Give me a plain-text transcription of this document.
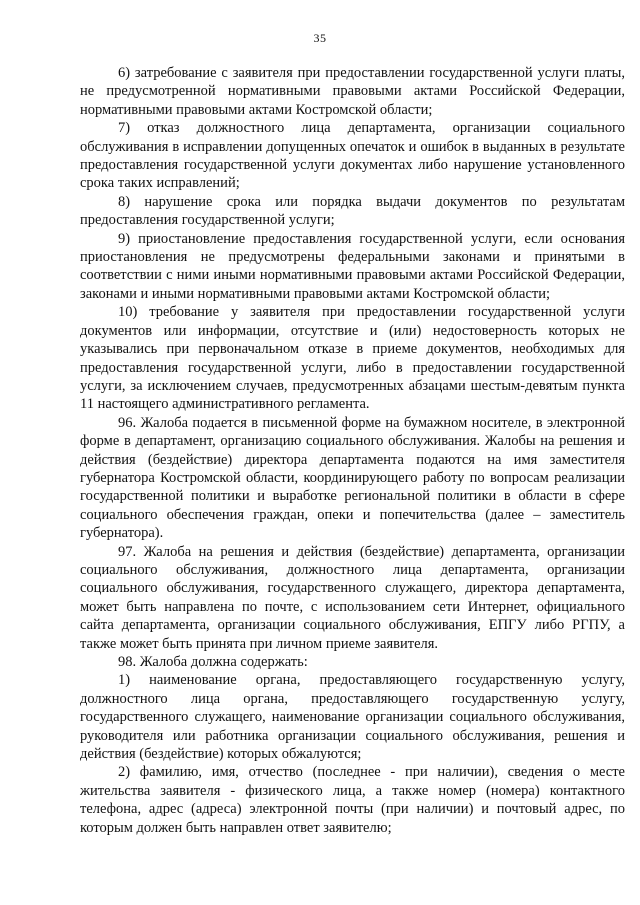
35

6) затребование с заявителя при предоставлении государственной услуги платы, не предусмотренной нормативными правовыми актами Российской Федерации, нормативными правовыми актами Костромской области;

7) отказ должностного лица департамента, организации социального обслуживания в исправлении допущенных опечаток и ошибок в выданных в результате предоставления государственной услуги документах либо нарушение установленного срока таких исправлений;

8) нарушение срока или порядка выдачи документов по результатам предоставления государственной услуги;

9) приостановление предоставления государственной услуги, если основания приостановления не предусмотрены федеральными законами и принятыми в соответствии с ними иными нормативными правовыми актами Российской Федерации, законами и иными нормативными правовыми актами Костромской области;

10) требование у заявителя при предоставлении государственной услуги документов или информации, отсутствие и (или) недостоверность которых не указывались при первоначальном отказе в приеме документов, необходимых для предоставления государственной услуги, либо в предоставлении государственной услуги, за исключением случаев, предусмотренных абзацами шестым-девятым пункта 11 настоящего административного регламента.

96. Жалоба подается в письменной форме на бумажном носителе, в электронной форме в департамент, организацию социального обслуживания. Жалобы на решения и действия (бездействие) директора департамента подаются на имя заместителя губернатора Костромской области, координирующего работу по вопросам реализации государственной политики и выработке региональной политики в области в сфере социального обеспечения граждан, опеки и попечительства (далее – заместитель губернатора).

97. Жалоба на решения и действия (бездействие) департамента, организации социального обслуживания, должностного лица департамента, организации социального обслуживания, государственного служащего, директора департамента, может быть направлена по почте, с использованием сети Интернет, официального сайта департамента, организации социального обслуживания, ЕПГУ либо РГПУ, а также может быть принята при личном приеме заявителя.

98. Жалоба должна содержать:

1) наименование органа, предоставляющего государственную услугу, должностного лица органа, предоставляющего государственную услугу, государственного служащего, наименование организации социального обслуживания, руководителя или работника организации социального обслуживания, решения и действия (бездействие) которых обжалуются;

2) фамилию, имя, отчество (последнее - при наличии), сведения о месте жительства заявителя - физического лица, а также номер (номера) контактного телефона, адрес (адреса) электронной почты (при наличии) и почтовый адрес, по которым должен быть направлен ответ заявителю;
